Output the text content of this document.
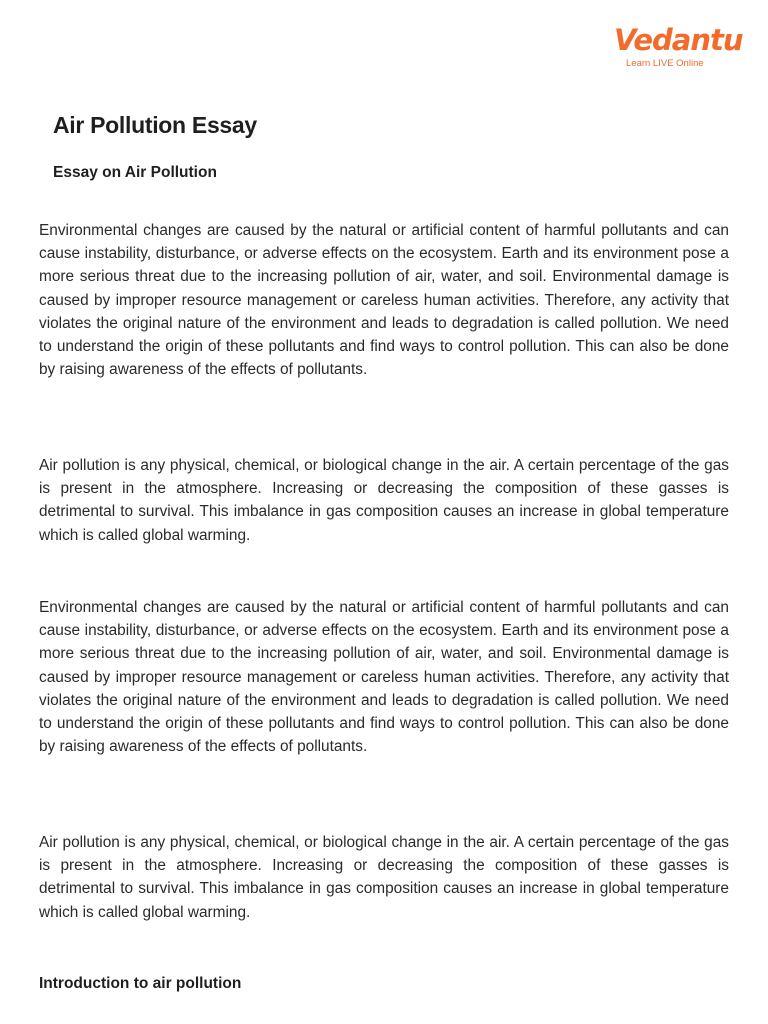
Vedantu
Learn LIVE Online
Air Pollution Essay
Essay on Air Pollution

Environmental changes are caused by the natural or artificial content of harmful pollutants and can cause instability, disturbance, or adverse effects on the ecosystem. Earth and its environment pose a more serious threat due to the increasing pollution of air, water, and soil. Environmental damage is caused by improper resource management or careless human activities. Therefore, any activity that violates the original nature of the environment and leads to degradation is called pollution. We need to understand the origin of these pollutants and find ways to control pollution. This can also be done by raising awareness of the effects of pollutants.

Air pollution is any physical, chemical, or biological change in the air. A certain percentage of the gas is present in the atmosphere. Increasing or decreasing the composition of these gasses is detrimental to survival. This imbalance in gas composition causes an increase in global temperature which is called global warming.

Environmental changes are caused by the natural or artificial content of harmful pollutants and can cause instability, disturbance, or adverse effects on the ecosystem. Earth and its environment pose a more serious threat due to the increasing pollution of air, water, and soil. Environmental damage is caused by improper resource management or careless human activities. Therefore, any activity that violates the original nature of the environment and leads to degradation is called pollution. We need to understand the origin of these pollutants and find ways to control pollution. This can also be done by raising awareness of the effects of pollutants.

Air pollution is any physical, chemical, or biological change in the air. A certain percentage of the gas is present in the atmosphere. Increasing or decreasing the composition of these gasses is detrimental to survival. This imbalance in gas composition causes an increase in global temperature which is called global warming.

Introduction to air pollution
